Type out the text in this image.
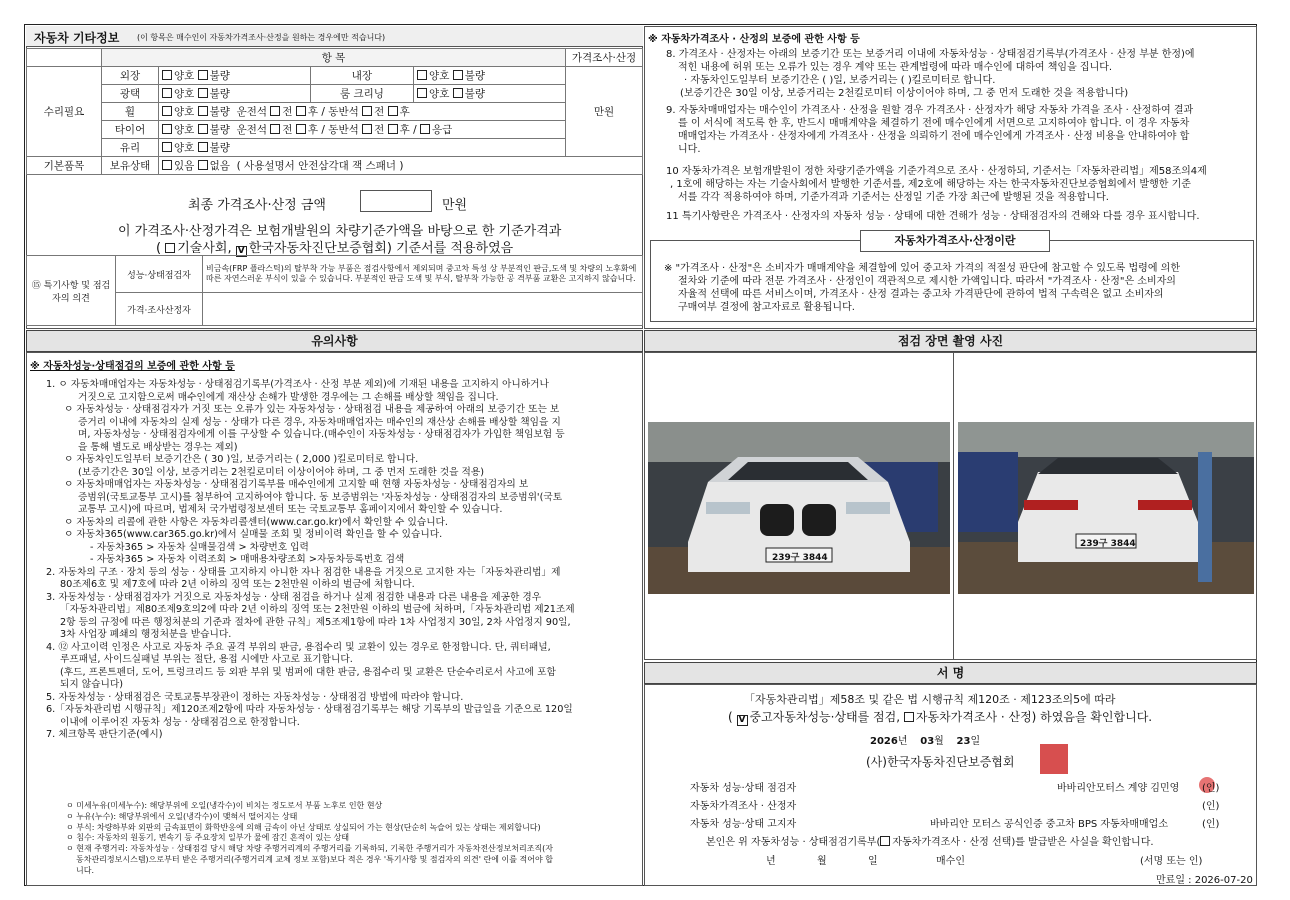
자동차 기타정보 (이 항목은 매수인이 자동차가격조사·산정을 원하는 경우에만 적습니다)
	항 목				가격조사·산정
수리필요	외장	양호 불량	내장	양호 불량	만원
	광택	양호 불량	룸 크리닝	양호 불량	
	휠	양호 불량 운전석 전 후 / 동반석 전 후			
	타이어	양호 불량 운전석 전 후 / 동반석 전 후 / 응급			
	유리	양호 불량			
기본품목	보유상태	있음 없음 ( 사용설명서 안전삼각대 잭 스패너 )			
최종 가격조사·산정 금액	만원
이 가격조사·산정가격은 보험개발원의 차량기준가액을 바탕으로 한 기준가격과
( 기술사회, V 한국자동차진단보증협회) 기준서를 적용하였음
⑮ 특기사항 및 점검자의 의견	성능·상태점검자	비금속(FRP 플라스틱)의 탈부착 가능 부품은 점검사항에서 제외되며 중고차 특성 상 부분적인 판금,도색 및 차량의 노후화에 따른 자연스러운 부식이 있을 수 있습니다. 부분적인 판금 도색 및 부식, 탈부착 가능한 공 격부품 교환은 고지하지 않습니다.
	가격·조사산정자	
※ 자동차가격조사 · 산정의 보증에 관한 사항 등
8. 가격조사 · 산정자는 아래의 보증기간 또는 보증거리 이내에 자동차성능 · 상태점검기록부(가격조사 · 산정 부분 한정)에
적힌 내용에 허위 또는 오류가 있는 경우 계약 또는 관계법령에 따라 매수인에 대하여 책임을 집니다.
· 자동차인도일부터 보증기간은 ( )일, 보증거리는 ( )킬로미터로 합니다.
(보증기간은 30일 이상, 보증거리는 2천킬로미터 이상이어야 하며, 그 중 먼저 도래한 것을 적용합니다)
9. 자동차매매업자는 매수인이 가격조사 · 산정을 원할 경우 가격조사 · 산정자가 해당 자동차 가격을 조사 · 산정하여 결과
를 이 서식에 적도록 한 후, 반드시 매매계약을 체결하기 전에 매수인에게 서면으로 고지하여야 합니다. 이 경우 자동차
매매업자는 가격조사 · 산정자에게 가격조사 · 산정을 의뢰하기 전에 매수인에게 가격조사 · 산정 비용을 안내하여야 합
니다.
10 자동차가격은 보험개발원이 정한 차량기준가액을 기준가격으로 조사 · 산정하되, 기준서는「자동차관리법」제58조의4제
, 1호에 해당하는 자는 기술사회에서 발행한 기준서를, 제2호에 해당하는 자는 한국자동차진단보증협회에서 발행한 기준
서를 각각 적용하여야 하며, 기준가격과 기준서는 산정일 기준 가장 최근에 발행된 것을 적용합니다.
11 특기사항란은 가격조사 · 산정자의 자동차 성능 · 상태에 대한 견해가 성능 · 상태점검자의 견해와 다를 경우 표시합니다.
자동차가격조사·산정이란
※ "가격조사 · 산정"은 소비자가 매매계약을 체결함에 있어 중고차 가격의 적절성 판단에 참고할 수 있도록 법령에 의한
절차와 기준에 따라 전문 가격조사 · 산정인이 객관적으로 제시한 가액입니다. 따라서 "가격조사 · 산정"은 소비자의
자율적 선택에 따른 서비스이며, 가격조사 · 산정 결과는 중고차 가격판단에 관하여 법적 구속력은 없고 소비자의
구매여부 결정에 참고자료로 활용됩니다.
유의사항
※ 자동차성능·상태점검의 보증에 관한 사항 등
1. ㅇ 자동차매매업자는 자동차성능 · 상태점검기록부(가격조사 · 산정 부분 제외)에 기재된 내용을 고지하지 아니하거나
거짓으로 고지함으로써 매수인에게 재산상 손해가 발생한 경우에는 그 손해를 배상할 책임을 집니다.
ㅇ 자동차성능 · 상태점검자가 거짓 또는 오류가 있는 자동차성능 · 상태점검 내용을 제공하여 아래의 보증기간 또는 보
증거리 이내에 자동차의 실제 성능 · 상태가 다른 경우, 자동차매매업자는 매수인의 재산상 손해를 배상할 책임을 지
며, 자동차성능 · 상태점검자에게 이를 구상할 수 있습니다.(매수인이 자동차성능 · 상태점검자가 가입한 책임보험 등
을 통해 별도로 배상받는 경우는 제외)
ㅇ 자동차인도일부터 보증기간은 ( 30 )일, 보증거리는 ( 2,000 )킬로미터로 합니다.
(보증기간은 30일 이상, 보증거리는 2천킬로미터 이상이어야 하며, 그 중 먼저 도래한 것을 적용)
ㅇ 자동차매매업자는 자동차성능 · 상태점검기록부를 매수인에게 고지할 때 현행 자동차성능 · 상태점검자의 보
증범위(국토교통부 고시)를 첨부하여 고지하여야 합니다. 동 보증범위는 '자동차성능 · 상태점검자의 보증범위'(국토
교통부 고시)에 따르며, 법제처 국가법령정보센터 또는 국토교통부 홈페이지에서 확인할 수 있습니다.
ㅇ 자동차의 리콜에 관한 사항은 자동차리콜센터(www.car.go.kr)에서 확인할 수 있습니다.
ㅇ 자동차365(www.car365.go.kr)에서 실매물 조회 및 정비이력 확인을 할 수 있습니다.
- 자동차365 > 자동차 실매물검색 > 차량번호 입력
- 자동차365 > 자동차 이력조회 > 매매용차량조회 >자동차등록번호 검색
2. 자동차의 구조 · 장치 등의 성능 · 상태를 고지하지 아니한 자나 점검한 내용을 거짓으로 고지한 자는「자동차관리법」제
80조제6호 및 제7호에 따라 2년 이하의 징역 또는 2천만원 이하의 벌금에 처합니다.
3. 자동차성능 · 상태점검자가 거짓으로 자동차성능 · 상태 점검을 하거나 실제 점검한 내용과 다른 내용을 제공한 경우
「자동차관리법」제80조제9호의2에 따라 2년 이하의 징역 또는 2천만원 이하의 벌금에 처하며,「자동차관리법 제21조제
2항 등의 규정에 따른 행정처분의 기준과 절차에 관한 규칙」제5조제1항에 따라 1차 사업정지 30일, 2차 사업정지 90일,
3차 사업장 폐쇄의 행정처분을 받습니다.
4. ⑫ 사고이력 인정은 사고로 자동차 주요 골격 부위의 판금, 용접수리 및 교환이 있는 경우로 한정합니다. 단, 쿼터패널,
루프패널, 사이드실패널 부위는 절단, 용접 시에만 사고로 표기합니다.
(후드, 프론트펜더, 도어, 트렁크리드 등 외판 부위 및 범퍼에 대한 판금, 용접수리 및 교환은 단순수리로서 사고에 포함
되지 않습니다)
5. 자동차성능 · 상태점검은 국토교통부장관이 정하는 자동차성능 · 상태점검 방법에 따라야 합니다.
6.「자동차관리법 시행규칙」제120조제2항에 따라 자동차성능 · 상태점검기록부는 해당 기록부의 발급일을 기준으로 120일
이내에 이루어진 자동차 성능 · 상태점검으로 한정합니다.
7. 체크항목 판단기준(예시)
ㅇ 미세누유(미세누수): 해당부위에 오일(냉각수)이 비치는 정도로서 부품 노후로 인한 현상
ㅇ 누유(누수): 해당부위에서 오일(냉각수)이 맺혀서 떨어지는 상태
ㅇ 부식: 차량하부와 외판의 금속표면이 화학반응에 의해 금속이 아닌 상태로 상실되어 가는 현상(단순히 녹슬어 있는 상태는 제외합니다)
ㅇ 침수: 자동차의 원동기, 변속기 등 주요장치 일부가 물에 잠긴 흔적이 있는 상태
ㅇ 현재 주행거리: 자동차성능 · 상태점검 당시 해당 차량 주행거리계의 주행거리를 기록하되, 기록한 주행거리가 자동차전산정보처리조직(자
동차관리정보시스템)으로부터 받은 주행거리(주행거리계 교체 정보 포함)보다 적은 경우 '특기사항 및 점검자의 의견' 란에 이를 적어야 합
니다.
점검 장면 촬영 사진
239구 3844
239구 3844
서 명
「자동차관리법」제58조 및 같은 법 시행규칙 제120조 · 제123조의5에 따라
( V 중고자동차성능·상태를 점검, 자동차가격조사 · 산정) 하였음을 확인합니다.
2026년 03월 23일
(사)한국자동차진단보증협회
자동차 성능·상태 점검자	바바리안모터스 계양 김민영 (인)
자동차가격조사 · 산정자	(인)
자동차 성능·상태 고지자	바바리안 모터스 공식인증 중고차 BPS 자동차매매업소	(인)
본인은 위 자동차성능 · 상태점검기록부( 자동차가격조사 · 산정 선택)를 발급받은 사실을 확인합니다.
년	월	일	매수인	(서명 또는 인)
만료일 : 2026-07-20
